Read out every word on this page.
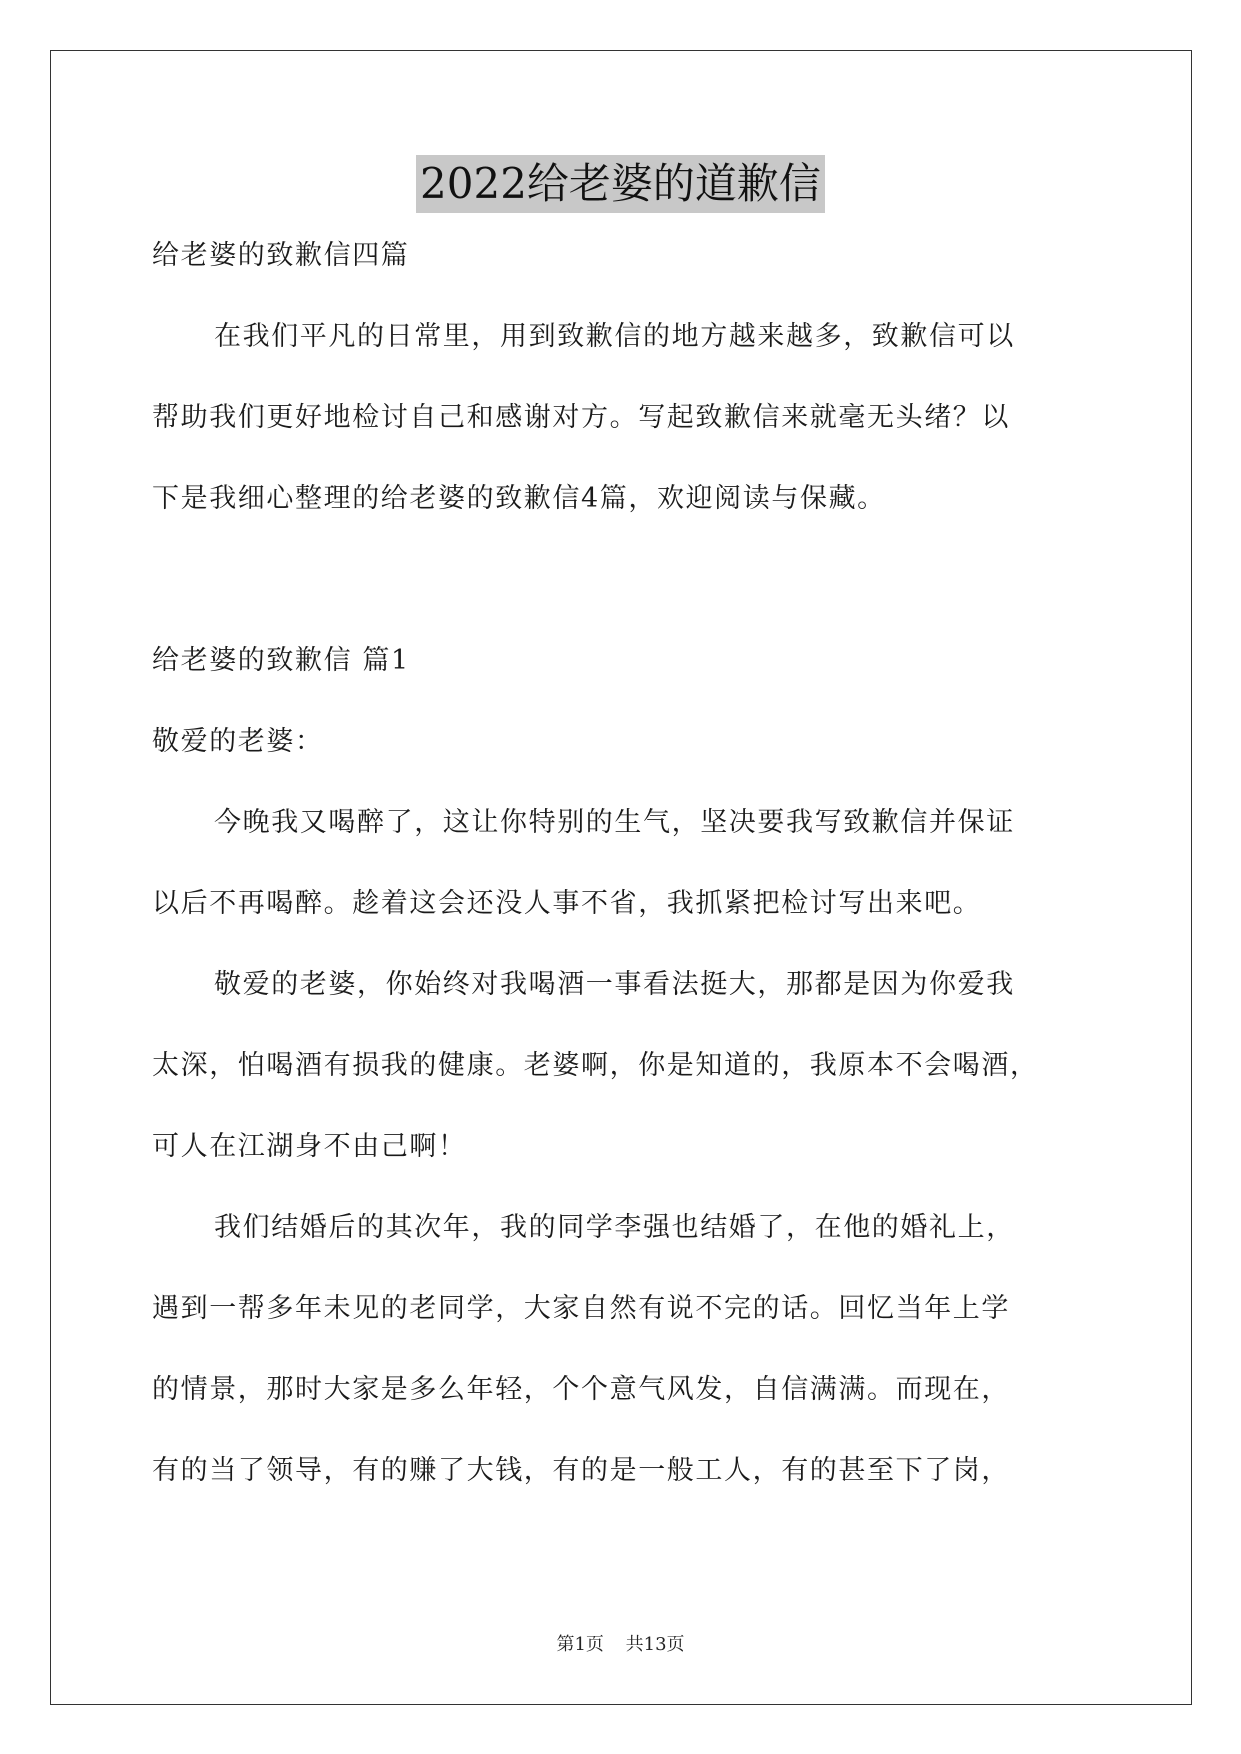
2022给老婆的道歉信

给老婆的致歉信四篇

在我们平凡的日常里，用到致歉信的地方越来越多，致歉信可以

帮助我们更好地检讨自己和感谢对方。写起致歉信来就毫无头绪？以

下是我细心整理的给老婆的致歉信4篇，欢迎阅读与保藏。

给老婆的致歉信 篇1

敬爱的老婆：

今晚我又喝醉了，这让你特别的生气，坚决要我写致歉信并保证

以后不再喝醉。趁着这会还没人事不省，我抓紧把检讨写出来吧。

敬爱的老婆，你始终对我喝酒一事看法挺大，那都是因为你爱我

太深，怕喝酒有损我的健康。老婆啊，你是知道的，我原本不会喝酒，

可人在江湖身不由己啊！

我们结婚后的其次年，我的同学李强也结婚了，在他的婚礼上，

遇到一帮多年未见的老同学，大家自然有说不完的话。回忆当年上学

的情景，那时大家是多么年轻，个个意气风发，自信满满。而现在，

有的当了领导，有的赚了大钱，有的是一般工人，有的甚至下了岗，

第1页 共13页
